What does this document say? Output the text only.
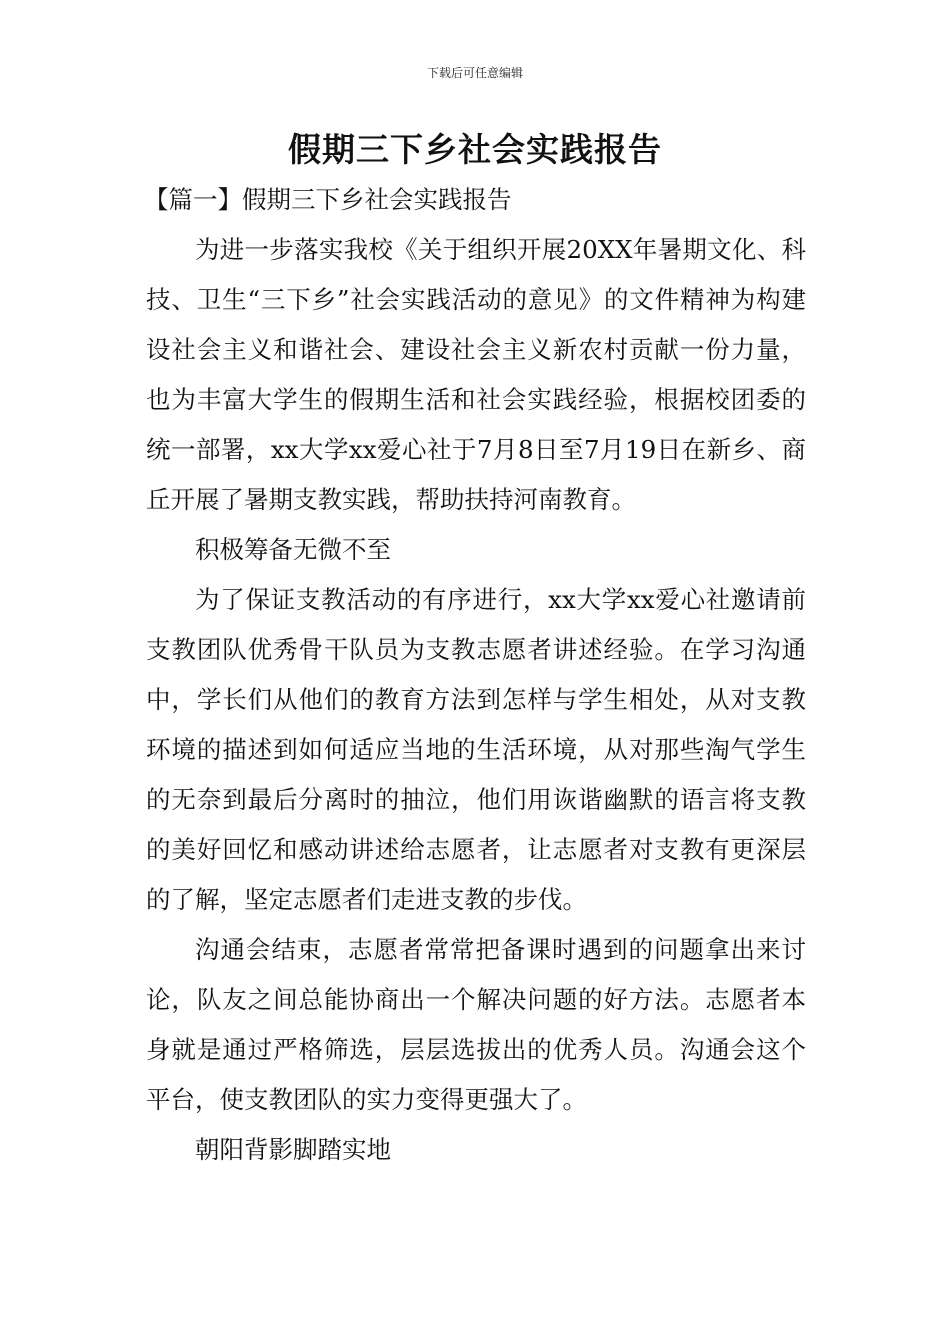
下载后可任意编辑
假期三下乡社会实践报告

【篇一】假期三下乡社会实践报告

为进一步落实我校《关于组织开展20XX年暑期文化、科技、卫生“三下乡”社会实践活动的意见》的文件精神为构建设社会主义和谐社会、建设社会主义新农村贡献一份力量，也为丰富大学生的假期生活和社会实践经验，根据校团委的统一部署，xx大学xx爱心社于7月8日至7月19日在新乡、商丘开展了暑期支教实践，帮助扶持河南教育。

积极筹备无微不至

为了保证支教活动的有序进行，xx大学xx爱心社邀请前支教团队优秀骨干队员为支教志愿者讲述经验。在学习沟通中，学长们从他们的教育方法到怎样与学生相处，从对支教环境的描述到如何适应当地的生活环境，从对那些淘气学生的无奈到最后分离时的抽泣，他们用诙谐幽默的语言将支教的美好回忆和感动讲述给志愿者，让志愿者对支教有更深层的了解，坚定志愿者们走进支教的步伐。

沟通会结束，志愿者常常把备课时遇到的问题拿出来讨论，队友之间总能协商出一个解决问题的好方法。志愿者本身就是通过严格筛选，层层选拔出的优秀人员。沟通会这个平台，使支教团队的实力变得更强大了。

朝阳背影脚踏实地
